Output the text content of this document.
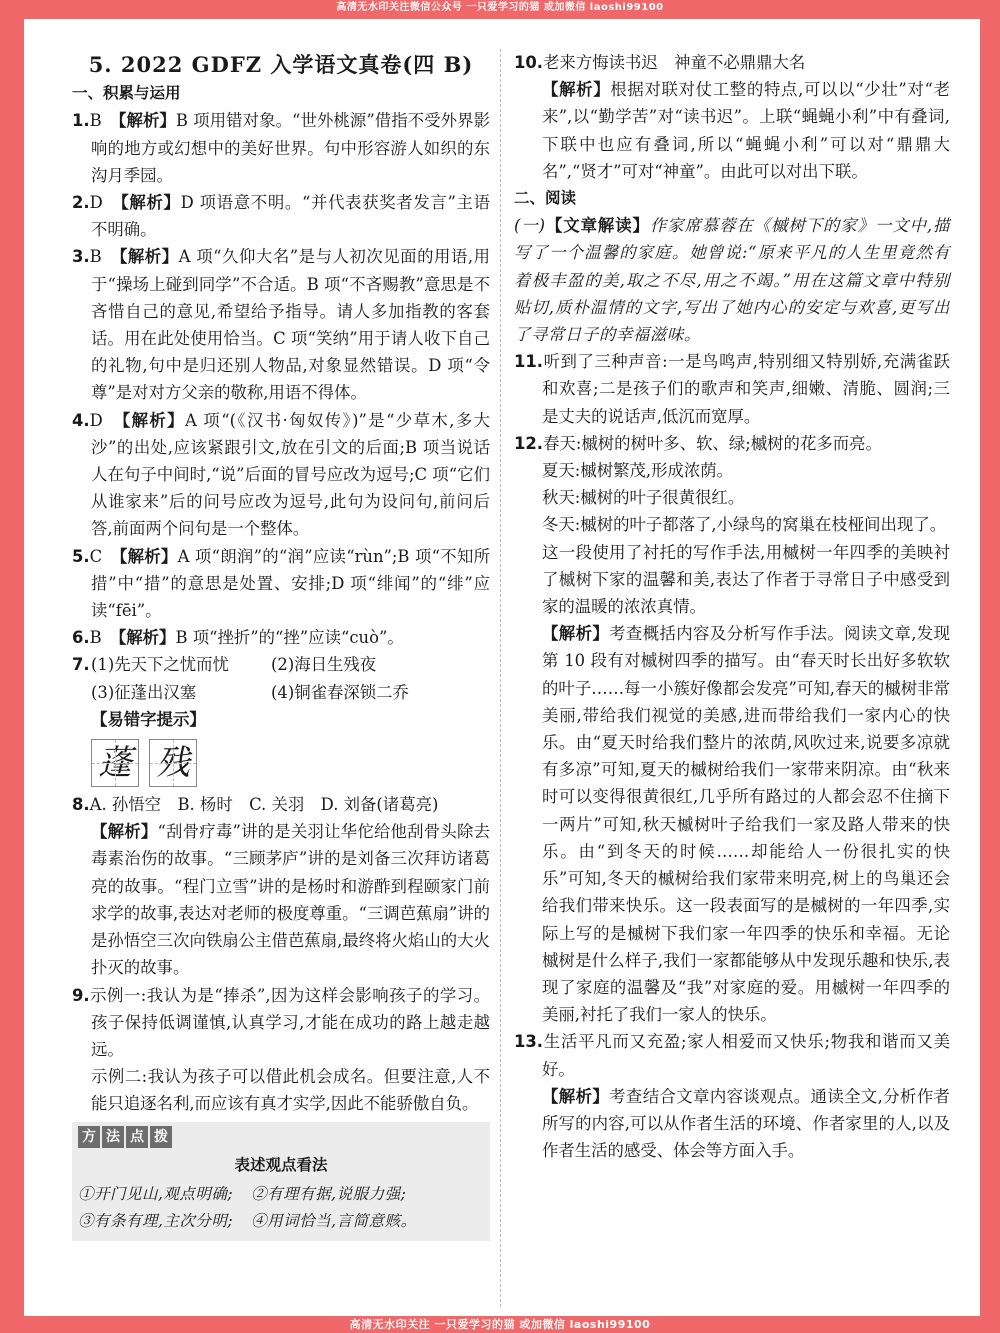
高清无水印关注微信公众号 一只爱学习的猫 或加微信 laoshi99100
5. 2022 GDFZ 入学语文真卷(四 B)
一、积累与运用
1.B　 【解析】B 项用错对象。“世外桃源”借指不受外界影响的地方或幻想中的美好世界。句中形容游人如织的东沟月季园。
2.D　 【解析】D 项语意不明。“并代表获奖者发言”主语不明确。
3.B　 【解析】A 项“久仰大名”是与人初次见面的用语,用于“操场上碰到同学”不合适。B 项“不吝赐教”意思是不吝惜自己的意见,希望给予指导。请人多加指教的客套话。用在此处使用恰当。C 项“笑纳”用于请人收下自己的礼物,句中是归还别人物品,对象显然错误。D 项“令尊”是对对方父亲的敬称,用语不得体。
4.D　 【解析】A 项“(《汉书·匈奴传》)”是“少草木,多大沙”的出处,应该紧跟引文,放在引文的后面;B 项当说话人在句子中间时,“说”后面的冒号应改为逗号;C 项“它们从谁家来”后的问号应改为逗号,此句为设问句,前问后答,前面两个问句是一个整体。
5.C　 【解析】A 项“朗润”的“润”应读“rùn”;B 项“不知所措”中“措”的意思是处置、安排;D 项“绯闻”的“绯”应读“fēi”。
6.B　 【解析】B 项“挫折”的“挫”应读“cuò”。
7. (1)先天下之忧而忧	(2)海日生残夜
(3)征蓬出汉塞	(4)铜雀春深锁二乔
【易错字提示】
蓬 残
8.A. 孙悟空　B. 杨时　C. 关羽　D. 刘备(诸葛亮)
【解析】“刮骨疗毒”讲的是关羽让华佗给他刮骨头除去毒素治伤的故事。“三顾茅庐”讲的是刘备三次拜访诸葛亮的故事。“程门立雪”讲的是杨时和游酢到程颐家门前求学的故事,表达对老师的极度尊重。“三调芭蕉扇”讲的是孙悟空三次向铁扇公主借芭蕉扇,最终将火焰山的大火扑灭的故事。
9.示例一:我认为是“捧杀”,因为这样会影响孩子的学习。孩子保持低调谨慎,认真学习,才能在成功的路上越走越远。
示例二:我认为孩子可以借此机会成名。但要注意,人不能只追逐名利,而应该有真才实学,因此不能骄傲自负。
方 法 点 拨
表述观点看法
①开门见山,观点明确; ②有理有据,说服力强;
③有条有理,主次分明; ④用词恰当,言简意赅。
10.老来方悔读书迟　神童不必鼎鼎大名
【解析】根据对联对仗工整的特点,可以以“少壮”对“老来”,以“勤学苦”对“读书迟”。上联“蝇蝇小利”中有叠词,下联中也应有叠词,所以“蝇蝇小利”可以对“鼎鼎大名”,“贤才”可对“神童”。由此可以对出下联。
二、阅读
(一)【文章解读】作家席慕蓉在《槭树下的家》一文中,描写了一个温馨的家庭。她曾说:“原来平凡的人生里竟然有着极丰盈的美,取之不尽,用之不竭。”用在这篇文章中特别贴切,质朴温情的文字,写出了她内心的安定与欢喜,更写出了寻常日子的幸福滋味。
11.听到了三种声音:一是鸟鸣声,特别细又特别娇,充满雀跃和欢喜;二是孩子们的歌声和笑声,细嫩、清脆、圆润;三是丈夫的说话声,低沉而宽厚。
12.春天:槭树的树叶多、软、绿;槭树的花多而亮。
夏天:槭树繁茂,形成浓荫。
秋天:槭树的叶子很黄很红。
冬天:槭树的叶子都落了,小绿鸟的窝巢在枝桠间出现了。
这一段使用了衬托的写作手法,用槭树一年四季的美映衬了槭树下家的温馨和美,表达了作者于寻常日子中感受到家的温暖的浓浓真情。
【解析】考查概括内容及分析写作手法。阅读文章,发现第 10 段有对槭树四季的描写。由“春天时长出好多软软的叶子……每一小簇好像都会发亮”可知,春天的槭树非常美丽,带给我们视觉的美感,进而带给我们一家内心的快乐。由“夏天时给我们整片的浓荫,风吹过来,说要多凉就有多凉”可知,夏天的槭树给我们一家带来阴凉。由“秋来时可以变得很黄很红,几乎所有路过的人都会忍不住摘下一两片”可知,秋天槭树叶子给我们一家及路人带来的快乐。由“到冬天的时候……却能给人一份很扎实的快乐”可知,冬天的槭树给我们家带来明亮,树上的鸟巢还会给我们带来快乐。这一段表面写的是槭树的一年四季,实际上写的是槭树下我们家一年四季的快乐和幸福。无论槭树是什么样子,我们一家都能够从中发现乐趣和快乐,表现了家庭的温馨及“我”对家庭的爱。用槭树一年四季的美丽,衬托了我们一家人的快乐。
13.生活平凡而又充盈;家人相爱而又快乐;物我和谐而又美好。
【解析】考查结合文章内容谈观点。通读全文,分析作者所写的内容,可以从作者生活的环境、作者家里的人,以及作者生活的感受、体会等方面入手。
高清无水印关注 一只爱学习的猫 或加微信 laoshi99100
